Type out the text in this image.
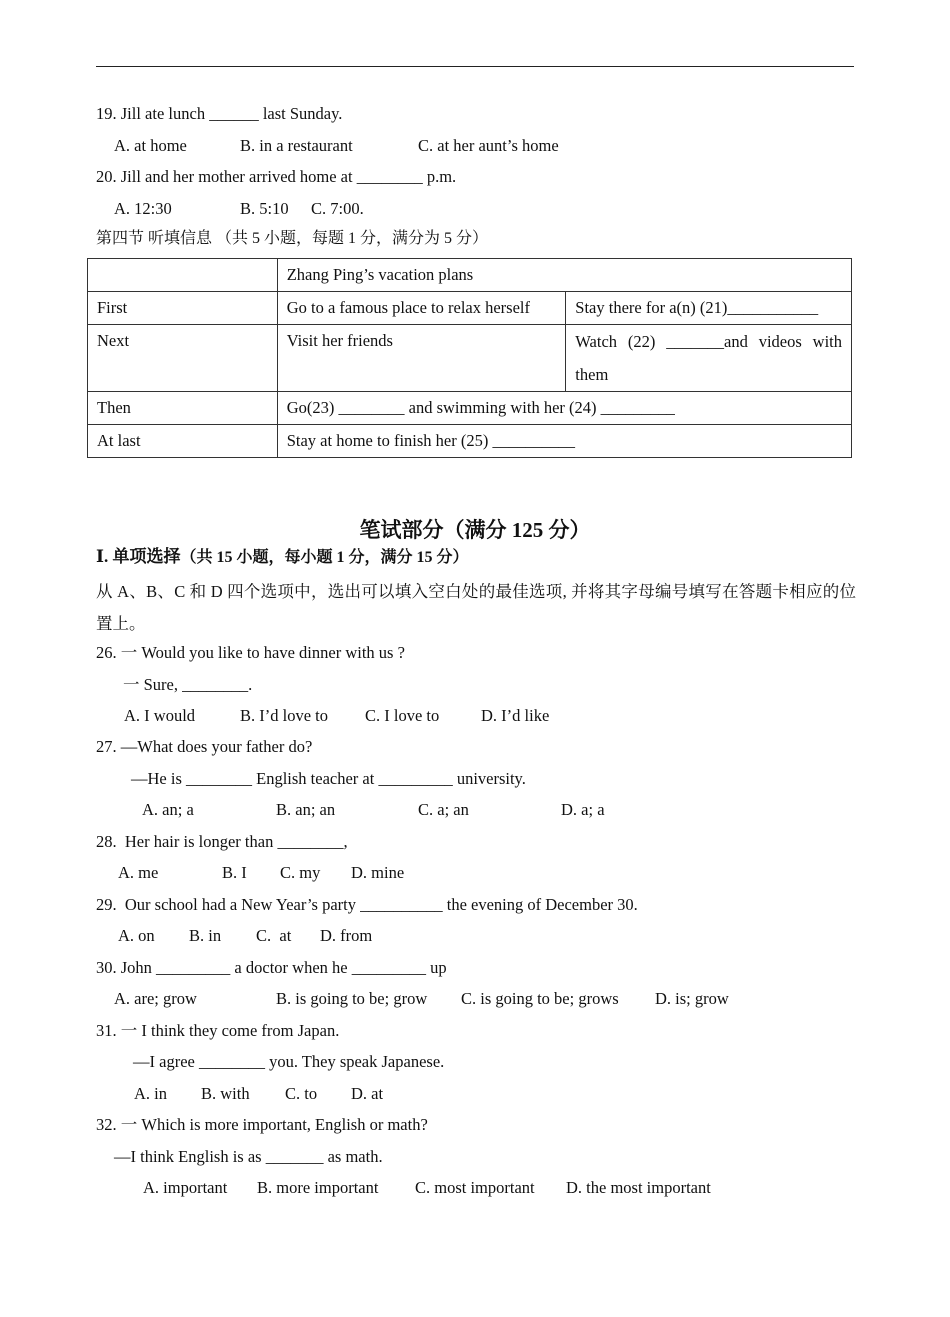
19. Jill ate lunch ______ last Sunday.
A. at home	B. in a restaurant	C. at her aunt’s home
20. Jill and her mother arrived home at ________ p.m.
A. 12:30	B. 5:10 C. 7:00.
第四节 听填信息 （共 5 小题，每题 1 分，满分为 5 分）
	Zhang Ping’s vacation plans	
First	Go to a famous place to relax herself	Stay there for a(n) (21)___________
Next	Visit her friends	Watch (22) _______and videos with them
Then	Go(23) ________ and swimming with her (24) _________	
At last	Stay at home to finish her (25) __________	
笔试部分（满分 125 分）
Ⅰ. 单项选择（共 15 小题，每小题 1 分，满分 15 分）
从 A、B、C 和 D 四个选项中，选出可以填入空白处的最佳选项, 并将其字母编号填写在答题卡相应的位置上。
26. 一 Would you like to have dinner with us ?
一 Sure, ________.
A. I would	B. I’d love to C. I love to	D. I’d like
27. —What does your father do?
—He is ________ English teacher at _________ university.
A. an; a	B. an; an	C. a; an	D. a; a
28.  Her hair is longer than ________,
A. me	B. I C. my D. mine
29.  Our school had a New Year’s party __________ the evening of December 30.
A. on B. in C.  at D. from
30. John _________ a doctor when he _________ up
A. are; grow	B. is going to be; grow C. is going to be; grows D. is; grow
31. 一 I think they come from Japan.
—I agree ________ you. They speak Japanese.
A. in B. with C. to D. at
32. 一 Which is more important, English or math?
—I think English is as _______ as math.
A. important B. more important C. most important D. the most important
